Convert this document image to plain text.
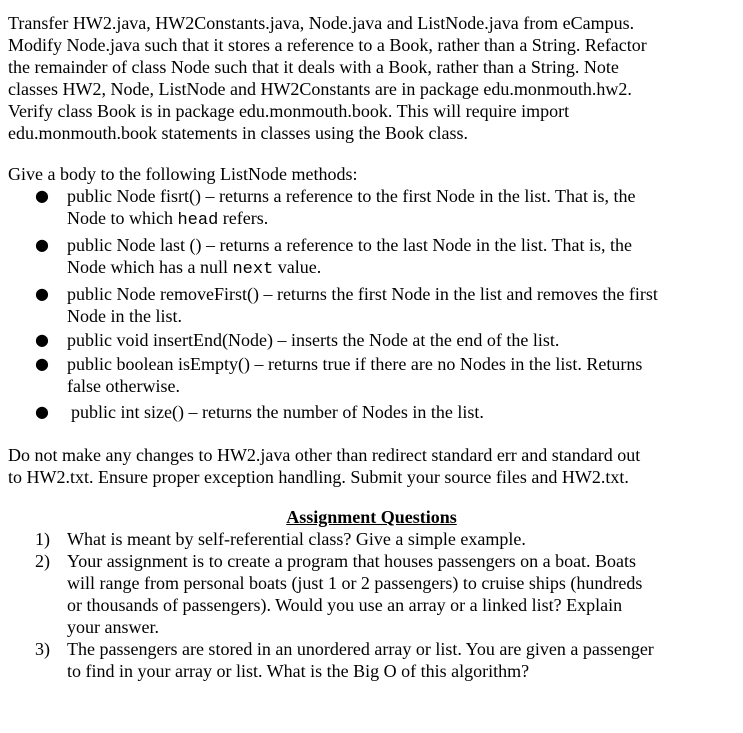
Transfer HW2.java, HW2Constants.java, Node.java and ListNode.java from eCampus.
Modify Node.java such that it stores a reference to a Book, rather than a String. Refactor
the remainder of class Node such that it deals with a Book, rather than a String. Note
classes HW2, Node, ListNode and HW2Constants are in package edu.monmouth.hw2.
Verify class Book is in package edu.monmouth.book. This will require import
edu.monmouth.book statements in classes using the Book class.
Give a body to the following ListNode methods:
● public Node fisrt() – returns a reference to the first Node in the list. That is, the
Node to which head refers.
● public Node last () – returns a reference to the last Node in the list. That is, the
Node which has a null next value.
● public Node removeFirst() – returns the first Node in the list and removes the first
Node in the list.
● public void insertEnd(Node) – inserts the Node at the end of the list.
● public boolean isEmpty() – returns true if there are no Nodes in the list. Returns
false otherwise.
● public int size() – returns the number of Nodes in the list.
Do not make any changes to HW2.java other than redirect standard err and standard out
to HW2.txt. Ensure proper exception handling. Submit your source files and HW2.txt.
Assignment Questions
1) What is meant by self-referential class? Give a simple example.
2) Your assignment is to create a program that houses passengers on a boat. Boats
will range from personal boats (just 1 or 2 passengers) to cruise ships (hundreds
or thousands of passengers). Would you use an array or a linked list? Explain
your answer.
3) The passengers are stored in an unordered array or list. You are given a passenger
to find in your array or list. What is the Big O of this algorithm?
